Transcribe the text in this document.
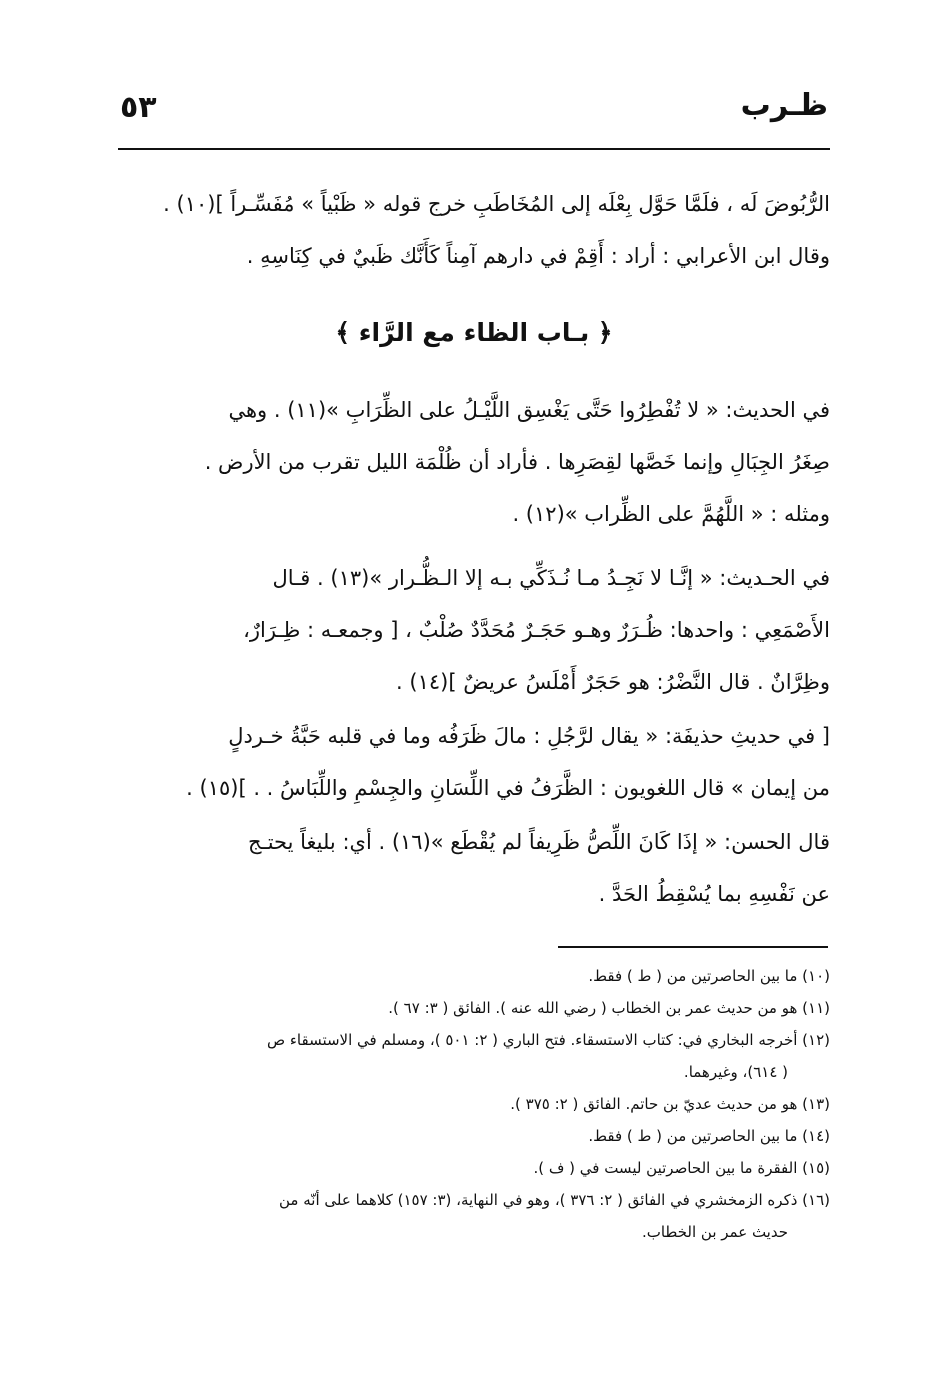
ظـرب
٥٣
الرُّبُوضَ لَه ، فلَمَّا حَوَّل بِعْلَه إلى المُخَاطَبِ خرج قوله « ظَبْياً » مُفَسِّـراً ](١٠) .
وقال ابن الأعرابي : أراد : أَقِمْ في دارهم آمِناً كَأَنَّك ظَبيٌ في كِنَاسِهِ .
﴿ بـاب الظاء مع الرَّاء ﴾
في الحديث: « لا تُفْطِرُوا حَتَّى يَغْسِق اللَّيْـلُ على الظِّرَابِ »(١١) . وهي
صِغَرُ الجِبَالِ وإنما خَصَّها لقِصَرِها . فأراد أن ظُلْمَة الليل تقرب من الأرض .
ومثله : « اللَّهُمَّ على الظِّراب »(١٢) .
في الحـديث: « إنَّـا لا نَجِـدُ مـا نُـذَكِّي بـه إلا الـظُّـرار »(١٣) . قـال
الأَصْمَعِي : واحدها: ظُـرَرٌ وهـو حَجَـرٌ مُحَدَّدٌ صُلْبٌ ، [ وجمعـه : ظِـرَارٌ،
وظِرَّانٌ . قال النَّضْرُ: هو حَجَرٌ أَمْلَسُ عريضٌ ](١٤) .
[ في حديثِ حذيفَة: « يقال لرَّجُلِ : مالَ ظَرَفُه وما في قلبه حَبَّةُ خـردلٍ
من إيمان » قال اللغويون : الظَّرَفُ في اللِّسَانِ والجِسْمِ واللِّبَاسُ . . ](١٥) .
قال الحسن: « إذَا كَانَ اللِّصُّ ظَرِيفاً لم يُقْطَع »(١٦) . أي: بليغاً يحتـج
عن نَفْسِهِ بما يُسْقِطُ الحَدَّ .
(١٠) ما بين الحاصرتين من ( ط ) فقط.
(١١) هو من حديث عمر بن الخطاب ( رضي الله عنه ). الفائق ( ٣: ٦٧ ).
(١٢) أخرجه البخاري في: كتاب الاستسقاء. فتح الباري ( ٢: ٥٠١ )، ومسلم في الاستسقاء ص
( ٦١٤)، وغيرهما.
(١٣) هو من حديث عديّ بن حاتم. الفائق ( ٢: ٣٧٥ ).
(١٤) ما بين الحاصرتين من ( ط ) فقط.
(١٥) الفقرة ما بين الحاصرتين ليست في ( ف ).
(١٦) ذكره الزمخشري في الفائق ( ٢: ٣٧٦ )، وهو في النهاية، (٣: ١٥٧) كلاهما على أنّه من
حديث عمر بن الخطاب.
